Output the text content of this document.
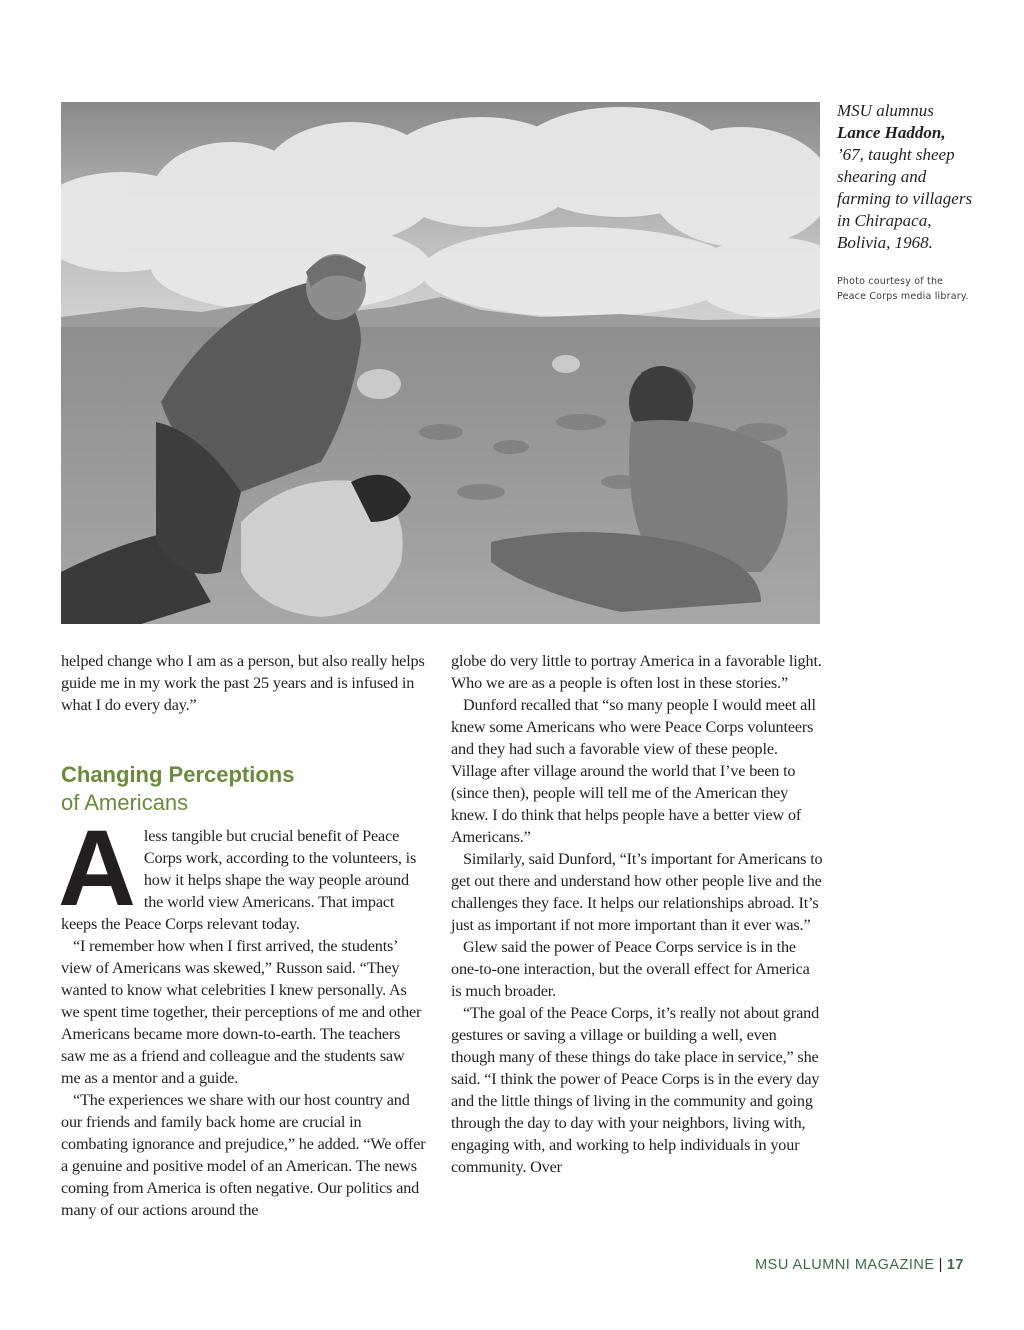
MSU alumnus
Lance Haddon,
’67, taught sheep
shearing and
farming to villagers
in Chirapaca,
Bolivia, 1968.
Photo courtesy of the
Peace Corps media library.

helped change who I am as a person, but also really helps guide me in my work the past 25 years and is infused in what I do every day.”

Changing Perceptions
of Americans
A less tangible but crucial benefit of Peace Corps work, according to the volunteers, is how it helps shape the way people around the world view Americans. That impact keeps the Peace Corps relevant today.

“I remember how when I first arrived, the students’ view of Americans was skewed,” Russon said. “They wanted to know what celebrities I knew personally. As we spent time together, their perceptions of me and other Americans became more down-to-earth. The teachers saw me as a friend and colleague and the students saw me as a mentor and a guide.

“The experiences we share with our host country and our friends and family back home are crucial in combating ignorance and prejudice,” he added. “We offer a genuine and positive model of an American. The news coming from America is often negative. Our politics and many of our actions around the

globe do very little to portray America in a favorable light. Who we are as a people is often lost in these stories.”

Dunford recalled that “so many people I would meet all knew some Americans who were Peace Corps volunteers and they had such a favorable view of these people. Village after village around the world that I’ve been to (since then), people will tell me of the American they knew. I do think that helps people have a better view of Americans.”

Similarly, said Dunford, “It’s important for Americans to get out there and understand how other people live and the challenges they face. It helps our relationships abroad. It’s just as important if not more important than it ever was.”

Glew said the power of Peace Corps service is in the one-to-one interaction, but the overall effect for America is much broader.

“The goal of the Peace Corps, it’s really not about grand gestures or saving a village or building a well, even though many of these things do take place in service,” she said. “I think the power of Peace Corps is in the every day and the little things of living in the community and going through the day to day with your neighbors, living with, engaging with, and working to help individuals in your community. Over

MSU ALUMNI MAGAZINE | 17
